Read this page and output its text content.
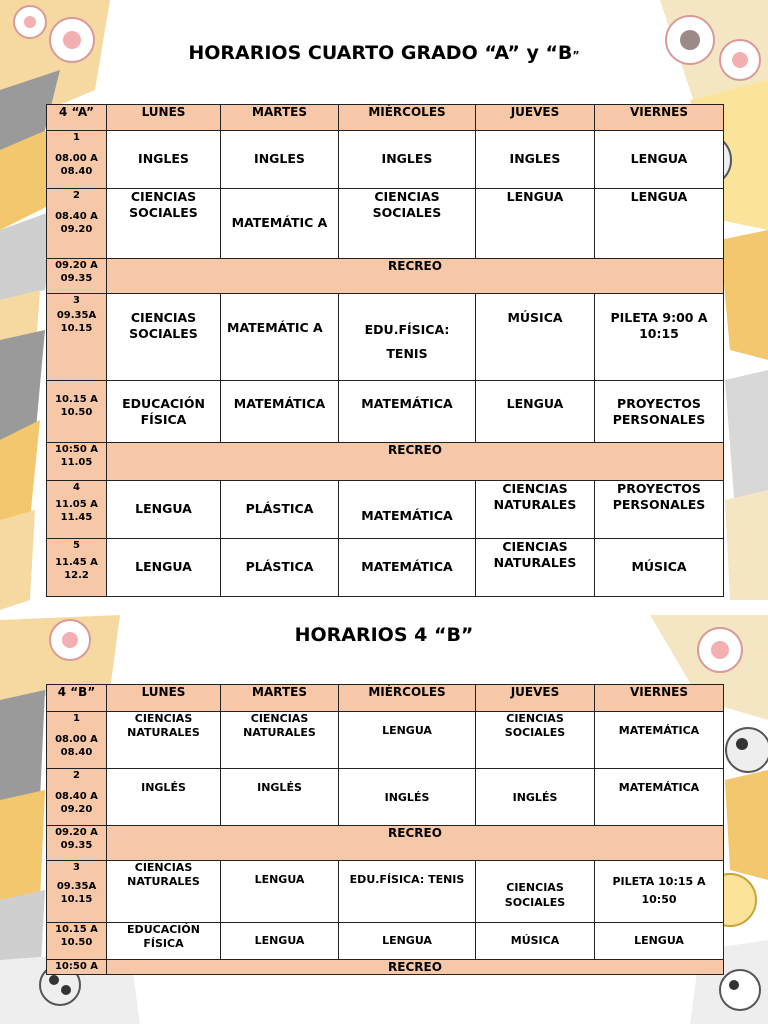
HORARIOS CUARTO GRADO “A” y “B”
4 “A”	LUNES	MARTES	MIÉRCOLES	JUEVES	VIERNES

1
08.00 A 08.40	INGLES	INGLES	INGLES	INGLES	LENGUA

2
08.40 A 09.20	CIENCIAS SOCIALES	MATEMÁTIC A	CIENCIAS SOCIALES	LENGUA	LENGUA

09.20 A 09.35	RECREO				

3
09.35A 10.15	CIENCIAS SOCIALES	MATEMÁTIC A	EDU.FÍSICA: TENIS	MÚSICA	PILETA 9:00 A 10:15

10.15 A 10.50	EDUCACIÓN FÍSICA	MATEMÁTICA	MATEMÁTICA	LENGUA	PROYECTOS PERSONALES

10:50 A 11.05	RECREO				

4
11.05 A 11.45	LENGUA	PLÁSTICA	MATEMÁTICA	CIENCIAS NATURALES	PROYECTOS PERSONALES

5
11.45 A 12.2	LENGUA	PLÁSTICA	MATEMÁTICA	CIENCIAS NATURALES	MÚSICA
HORARIOS 4 “B”
4 “B”	LUNES	MARTES	MIÉRCOLES	JUEVES	VIERNES

1
08.00 A 08.40	CIENCIAS NATURALES	CIENCIAS NATURALES	LENGUA	CIENCIAS SOCIALES	MATEMÁTICA

2
08.40 A 09.20	INGLÉS	INGLÉS	INGLÉS	INGLÉS	MATEMÁTICA

09.20 A 09.35	RECREO				

3
09.35A 10.15	CIENCIAS NATURALES	LENGUA	EDU.FÍSICA: TENIS	CIENCIAS SOCIALES	PILETA 10:15 A 10:50

10.15 A 10.50	EDUCACIÓN FÍSICA	LENGUA	LENGUA	MÚSICA	LENGUA

10:50 A	RECREO				
